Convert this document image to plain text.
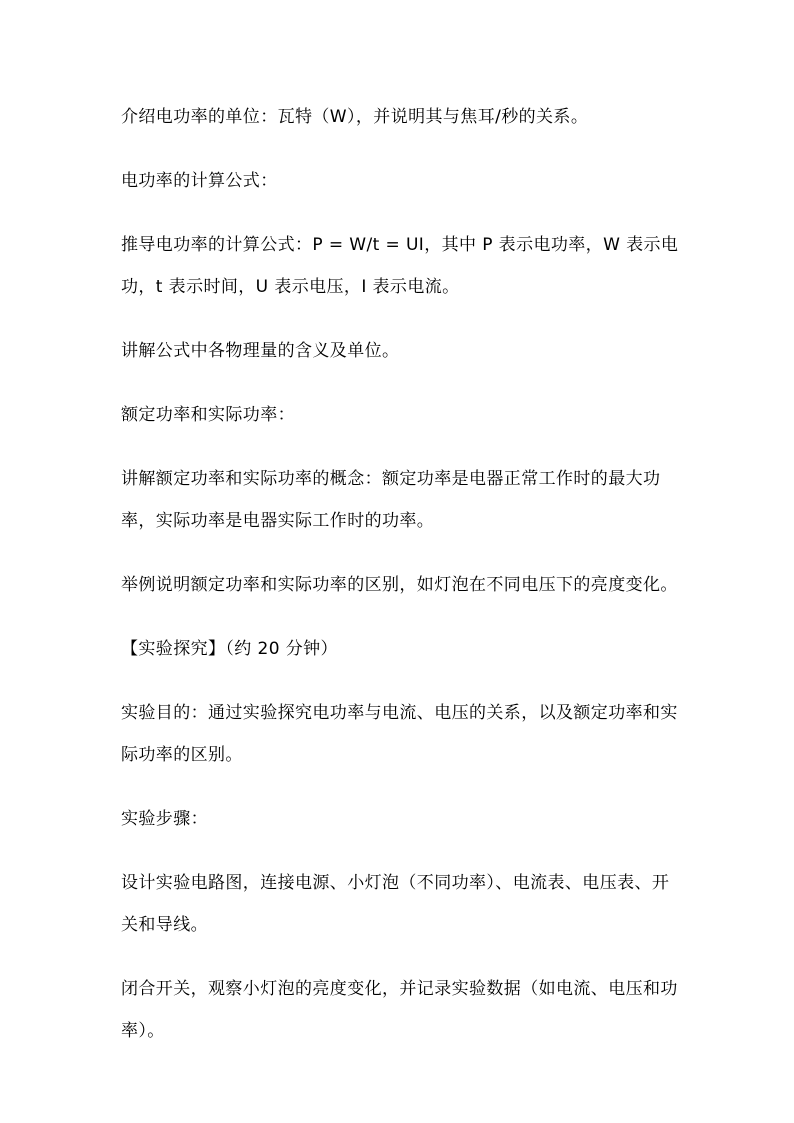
介绍电功率的单位：瓦特（W），并说明其与焦耳/秒的关系。

电功率的计算公式：

推导电功率的计算公式：P = W/t = UI，其中 P 表示电功率，W 表示电功，t 表示时间，U 表示电压，I 表示电流。

讲解公式中各物理量的含义及单位。

额定功率和实际功率：

讲解额定功率和实际功率的概念：额定功率是电器正常工作时的最大功率，实际功率是电器实际工作时的功率。

举例说明额定功率和实际功率的区别，如灯泡在不同电压下的亮度变化。

【实验探究】（约 20 分钟）

实验目的：通过实验探究电功率与电流、电压的关系，以及额定功率和实际功率的区别。

实验步骤：

设计实验电路图，连接电源、小灯泡（不同功率）、电流表、电压表、开关和导线。

闭合开关，观察小灯泡的亮度变化，并记录实验数据（如电流、电压和功率）。
